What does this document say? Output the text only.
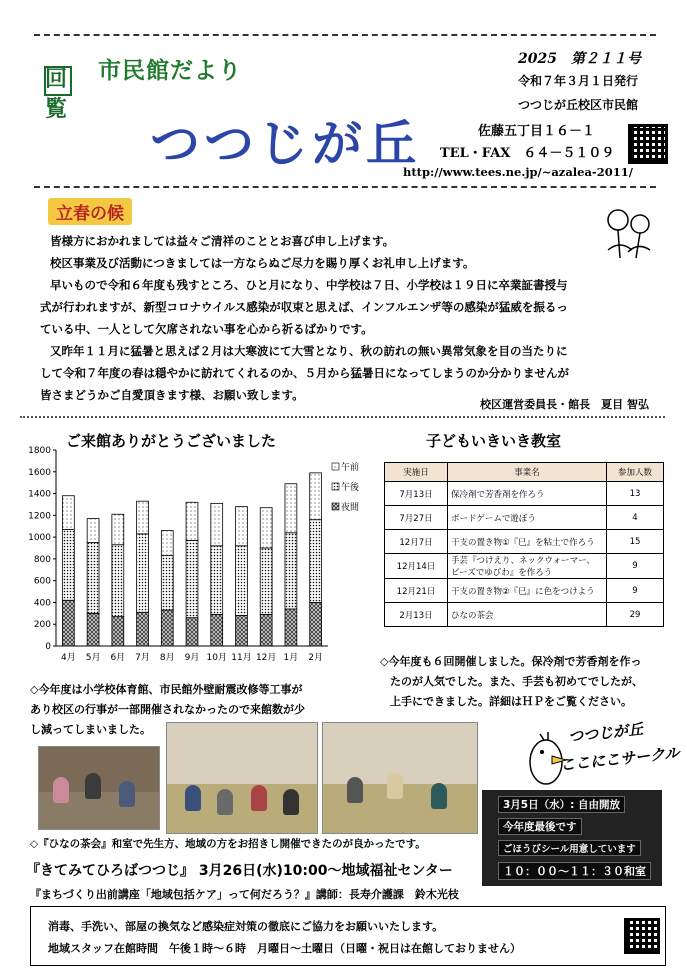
回
覧
市民館だより
つつじが丘
2025　第２１１号
令和７年３月１日発行
つつじが丘校区市民館
佐藤五丁目１６－１
TEL・FAX　６４－５１０９
http://www.tees.ne.jp/~azalea-2011/
立春の候
皆様方におかれましては益々ご清祥のこととお喜び申し上げます。
校区事業及び活動につきましては一方ならぬご尽力を賜り厚くお礼申し上げます。
早いもので令和６年度も残すところ、ひと月になり、中学校は７日、小学校は１９日に卒業証書授与
式が行われますが、新型コロナウイルス感染が収束と思えば、インフルエンザ等の感染が猛威を振るっ
ている中、一人として欠席されない事を心から祈るばかりです。
又昨年１１月に猛暑と思えば２月は大寒波にて大雪となり、秋の訪れの無い異常気象を目の当たりに
して令和７年度の春は穏やかに訪れてくれるのか、５月から猛暑日になってしまうのか分かりませんが
皆さまどうかご自愛頂きます様、お願い致します。
校区運営委員長・館長　夏目 智弘
ご来館ありがとうございました
0
200
400
600
800
1000
1200
1400
1600
1800
4月 5月 6月 7月 8月 9月 10月 11月 12月 1月 2月
午前
午後
夜間
◇今年度は小学校体育館、市民館外壁耐震改修等工事が
あり校区の行事が一部開催されなかったので来館数が少
し減ってしまいました。
子どもいきいき教室
実施日	事業名	参加人数
7月13日	保冷剤で芳香剤を作ろう	13
7月27日	ボードゲームで遊ぼう	4
12月7日	干支の置き物①『巳』を粘土で作ろう	15
12月14日	手芸『つけえり、ネックウォーマー、ビーズでゆびわ』を作ろう	9
12月21日	干支の置き物②『巳』に色をつけよう	9
2月13日	ひなの茶会	29
◇今年度も６回開催しました。保冷剤で芳香剤を作っ
たのが人気でした。また、手芸も初めてでしたが、
上手にできました。詳細はＨＰをご覧ください。
◇『ひなの茶会』和室で先生方、地域の方をお招きし開催できたのが良かったです。
つつじが丘
ここにこサークル
3月5日（水）: 自由開放
今年度最後です
ごほうびシール用意しています
１０：００～１１：３０和室
『きてみてひろばつつじ』 3月26日(水)10:00～地域福祉センター
『まちづくり出前講座「地域包括ケア」って何だろう？』講師：長寿介護課　鈴木光枝
消毒、手洗い、部屋の換気など感染症対策の徹底にご協力をお願いいたします。
地域スタッフ在館時間　午後１時～６時　月曜日～土曜日（日曜・祝日は在館しておりません）
